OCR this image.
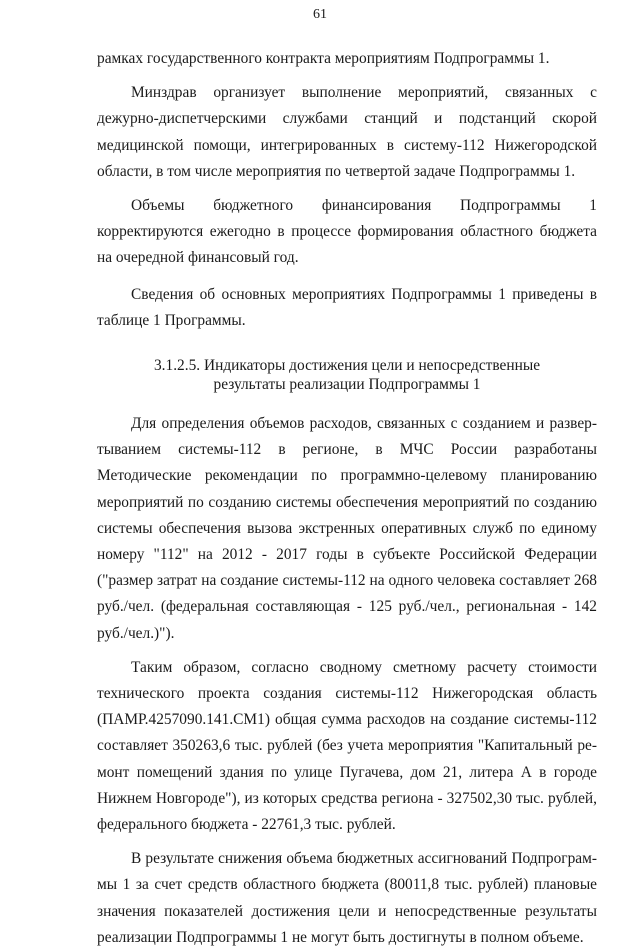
61

рамках государственного контракта мероприятиям Подпрограммы 1.

Минздрав организует выполнение мероприятий, связанных с дежурно-диспетчерскими службами станций и подстанций скорой медицинской помощи, интегрированных в систему-112 Нижегородской области, в том числе мероприятия по четвертой задаче Подпрограммы 1.

Объемы бюджетного финансирования Подпрограммы 1 корректируются ежегодно в процессе формирования областного бюджета на очередной финансовый год.

Сведения об основных мероприятиях Подпрограммы 1 приведены в таблице 1 Программы.

3.1.2.5. Индикаторы достижения цели и непосредственные
результаты реализации Подпрограммы 1

Для определения объемов расходов, связанных с созданием и развертыванием системы-112 в регионе, в МЧС России разработаны Методические рекомендации по программно-целевому планированию мероприятий по созданию системы обеспечения мероприятий по созданию системы обеспечения вызова экстренных оперативных служб по единому номеру "112" на 2012 - 2017 годы в субъекте Российской Федерации ("размер затрат на создание системы-112 на одного человека составляет 268 руб./чел. (федеральная составляющая - 125 руб./чел., региональная - 142 руб./чел.)").

Таким образом, согласно сводному сметному расчету стоимости технического проекта создания системы-112 Нижегородская область (ПАМР.4257090.141.СМ1) общая сумма расходов на создание системы-112 составляет 350263,6 тыс. рублей (без учета мероприятия "Капитальный ремонт помещений здания по улице Пугачева, дом 21, литера А в городе Нижнем Новгороде"), из которых средства региона - 327502,30 тыс. рублей, федерального бюджета - 22761,3 тыс. рублей.

В результате снижения объема бюджетных ассигнований Подпрограммы 1 за счет средств областного бюджета (80011,8 тыс. рублей) плановые значения показателей достижения цели и непосредственные результаты реализации Подпрограммы 1 не могут быть достигнуты в полном объеме.
